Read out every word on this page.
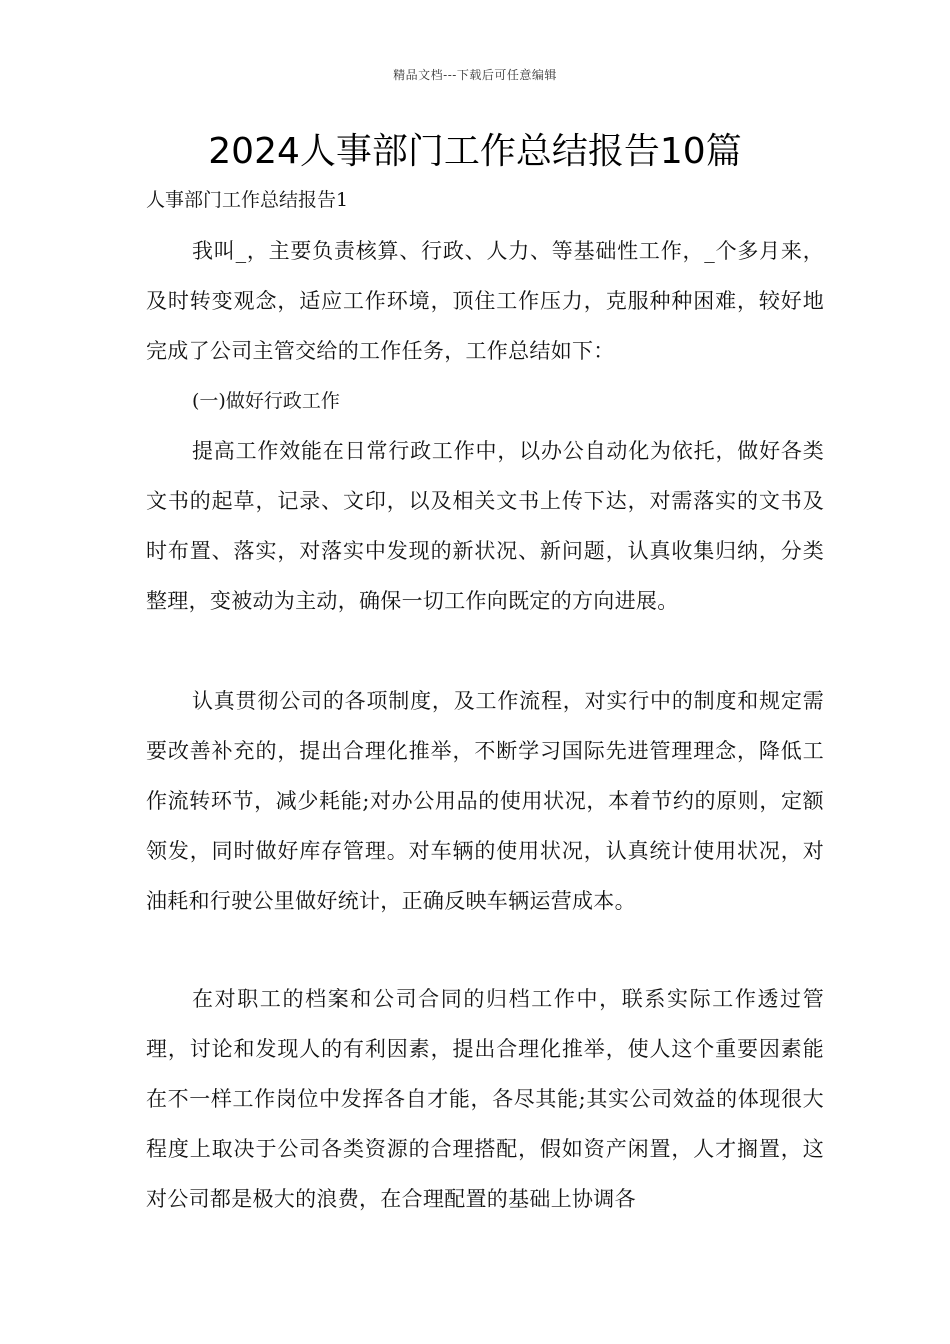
精品文档---下载后可任意编辑
2024人事部门工作总结报告10篇
人事部门工作总结报告1

我叫_，主要负责核算、行政、人力、等基础性工作，_个多月来，及时转变观念，适应工作环境，顶住工作压力，克服种种困难，较好地完成了公司主管交给的工作任务，工作总结如下：

(一)做好行政工作

提高工作效能在日常行政工作中，以办公自动化为依托，做好各类文书的起草，记录、文印，以及相关文书上传下达，对需落实的文书及时布置、落实，对落实中发现的新状况、新问题，认真收集归纳，分类整理，变被动为主动，确保一切工作向既定的方向进展。

认真贯彻公司的各项制度，及工作流程，对实行中的制度和规定需要改善补充的，提出合理化推举，不断学习国际先进管理理念，降低工作流转环节，减少耗能;对办公用品的使用状况，本着节约的原则，定额领发，同时做好库存管理。对车辆的使用状况，认真统计使用状况，对油耗和行驶公里做好统计，正确反映车辆运营成本。

在对职工的档案和公司合同的归档工作中，联系实际工作透过管理，讨论和发现人的有利因素，提出合理化推举，使人这个重要因素能在不一样工作岗位中发挥各自才能，各尽其能;其实公司效益的体现很大程度上取决于公司各类资源的合理搭配，假如资产闲置，人才搁置，这对公司都是极大的浪费，在合理配置的基础上协调各
